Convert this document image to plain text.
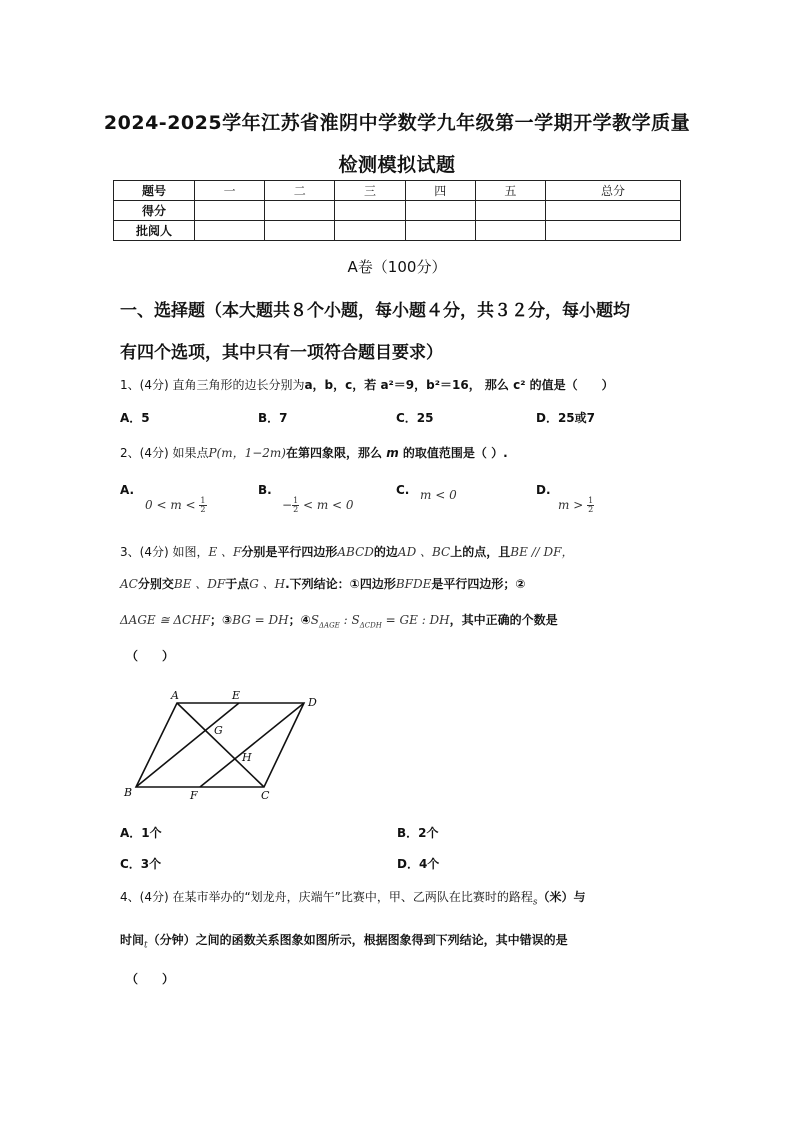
2024-2025学年江苏省淮阴中学数学九年级第一学期开学教学质量
检测模拟试题
题号	一	二	三	四	五	总分
得分						
批阅人						
A卷（100分）
一、选择题（本大题共８个小题，每小题４分，共３２分，每小题均
有四个选项，其中只有一项符合题目要求）
1、(4分) 直角三角形的边长分别为a，b，c，若 a²＝9，b²＝16， 那么 c² 的值是（　　）
A．5	B．7	C．25	D．25或7
2、(4分) 如果点P(m，1−2m)在第四象限，那么 m 的取值范围是（ ）.
A.
$0 < m < \frac{1}{2}$
B.
− $\frac{1}{2} < m < 0$
C. m < 0	D.
$m > \frac{1}{2}$
3、(4分) 如图，E 、F分别是平行四边形ABCD的边AD 、BC上的点，且BE // DF，
AC分别交BE 、DF于点G 、H.下列结论：①四边形BFDE是平行四边形；②
ΔAGE ≅ ΔCHF；③BG = DH；$④S_{\Delta AGE}$ : $S_{\Delta CDH}$ = GE : DH，其中正确的个数是
（　　）
A	E
D
G
H
B	F	C
A．1个	B．2个
C．3个	D．4个
4、(4分) 在某市举办的“划龙舟，庆端午”比赛中，甲、乙两队在比赛时的路程$_s$（米）与
时间$_t$（分钟）之间的函数关系图象如图所示，根据图象得到下列结论，其中错误的是
（　　）
